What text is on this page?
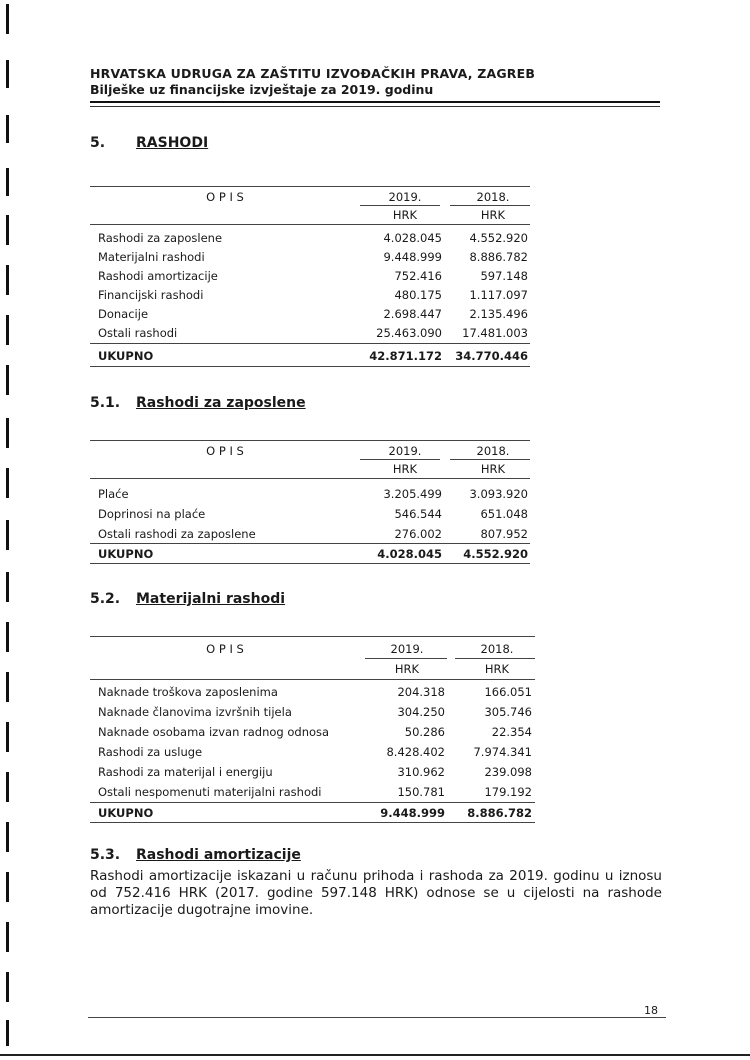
HRVATSKA UDRUGA ZA ZAŠTITU IZVOĐAČKIH PRAVA, ZAGREB
Bilješke uz financijske izvještaje za 2019. godinu
5. RASHODI
O P I S	2019.	2018.
HRK	HRK
Rashodi za zaposlene	4.028.045 4.552.920
Materijalni rashodi	9.448.999 8.886.782
Rashodi amortizacije	752.416	597.148
Financijski rashodi	480.175 1.117.097
Donacije	2.698.447 2.135.496
Ostali rashodi	25.463.090 17.481.003
UKUPNO	42.871.172 34.770.446
5.1. Rashodi za zaposlene
O P I S	2019.	2018.
HRK	HRK
Plaće	3.205.499 3.093.920
Doprinosi na plaće	546.544	651.048
Ostali rashodi za zaposlene	276.002	807.952
UKUPNO	4.028.045 4.552.920
5.2. Materijalni rashodi
O P I S	2019.	2018.
HRK	HRK
Naknade troškova zaposlenima	204.318	166.051
Naknade članovima izvršnih tijela	304.250	305.746
Naknade osobama izvan radnog odnosa	50.286	22.354
Rashodi za usluge	8.428.402 7.974.341
Rashodi za materijal i energiju	310.962	239.098
Ostali nespomenuti materijalni rashodi	150.781	179.192
UKUPNO	9.448.999 8.886.782
5.3. Rashodi amortizacije
Rashodi amortizacije iskazani u računu prihoda i rashoda za 2019. godinu u iznosu od 752.416 HRK (2017. godine 597.148 HRK) odnose se u cijelosti na rashode amortizacije dugotrajne imovine.
18
